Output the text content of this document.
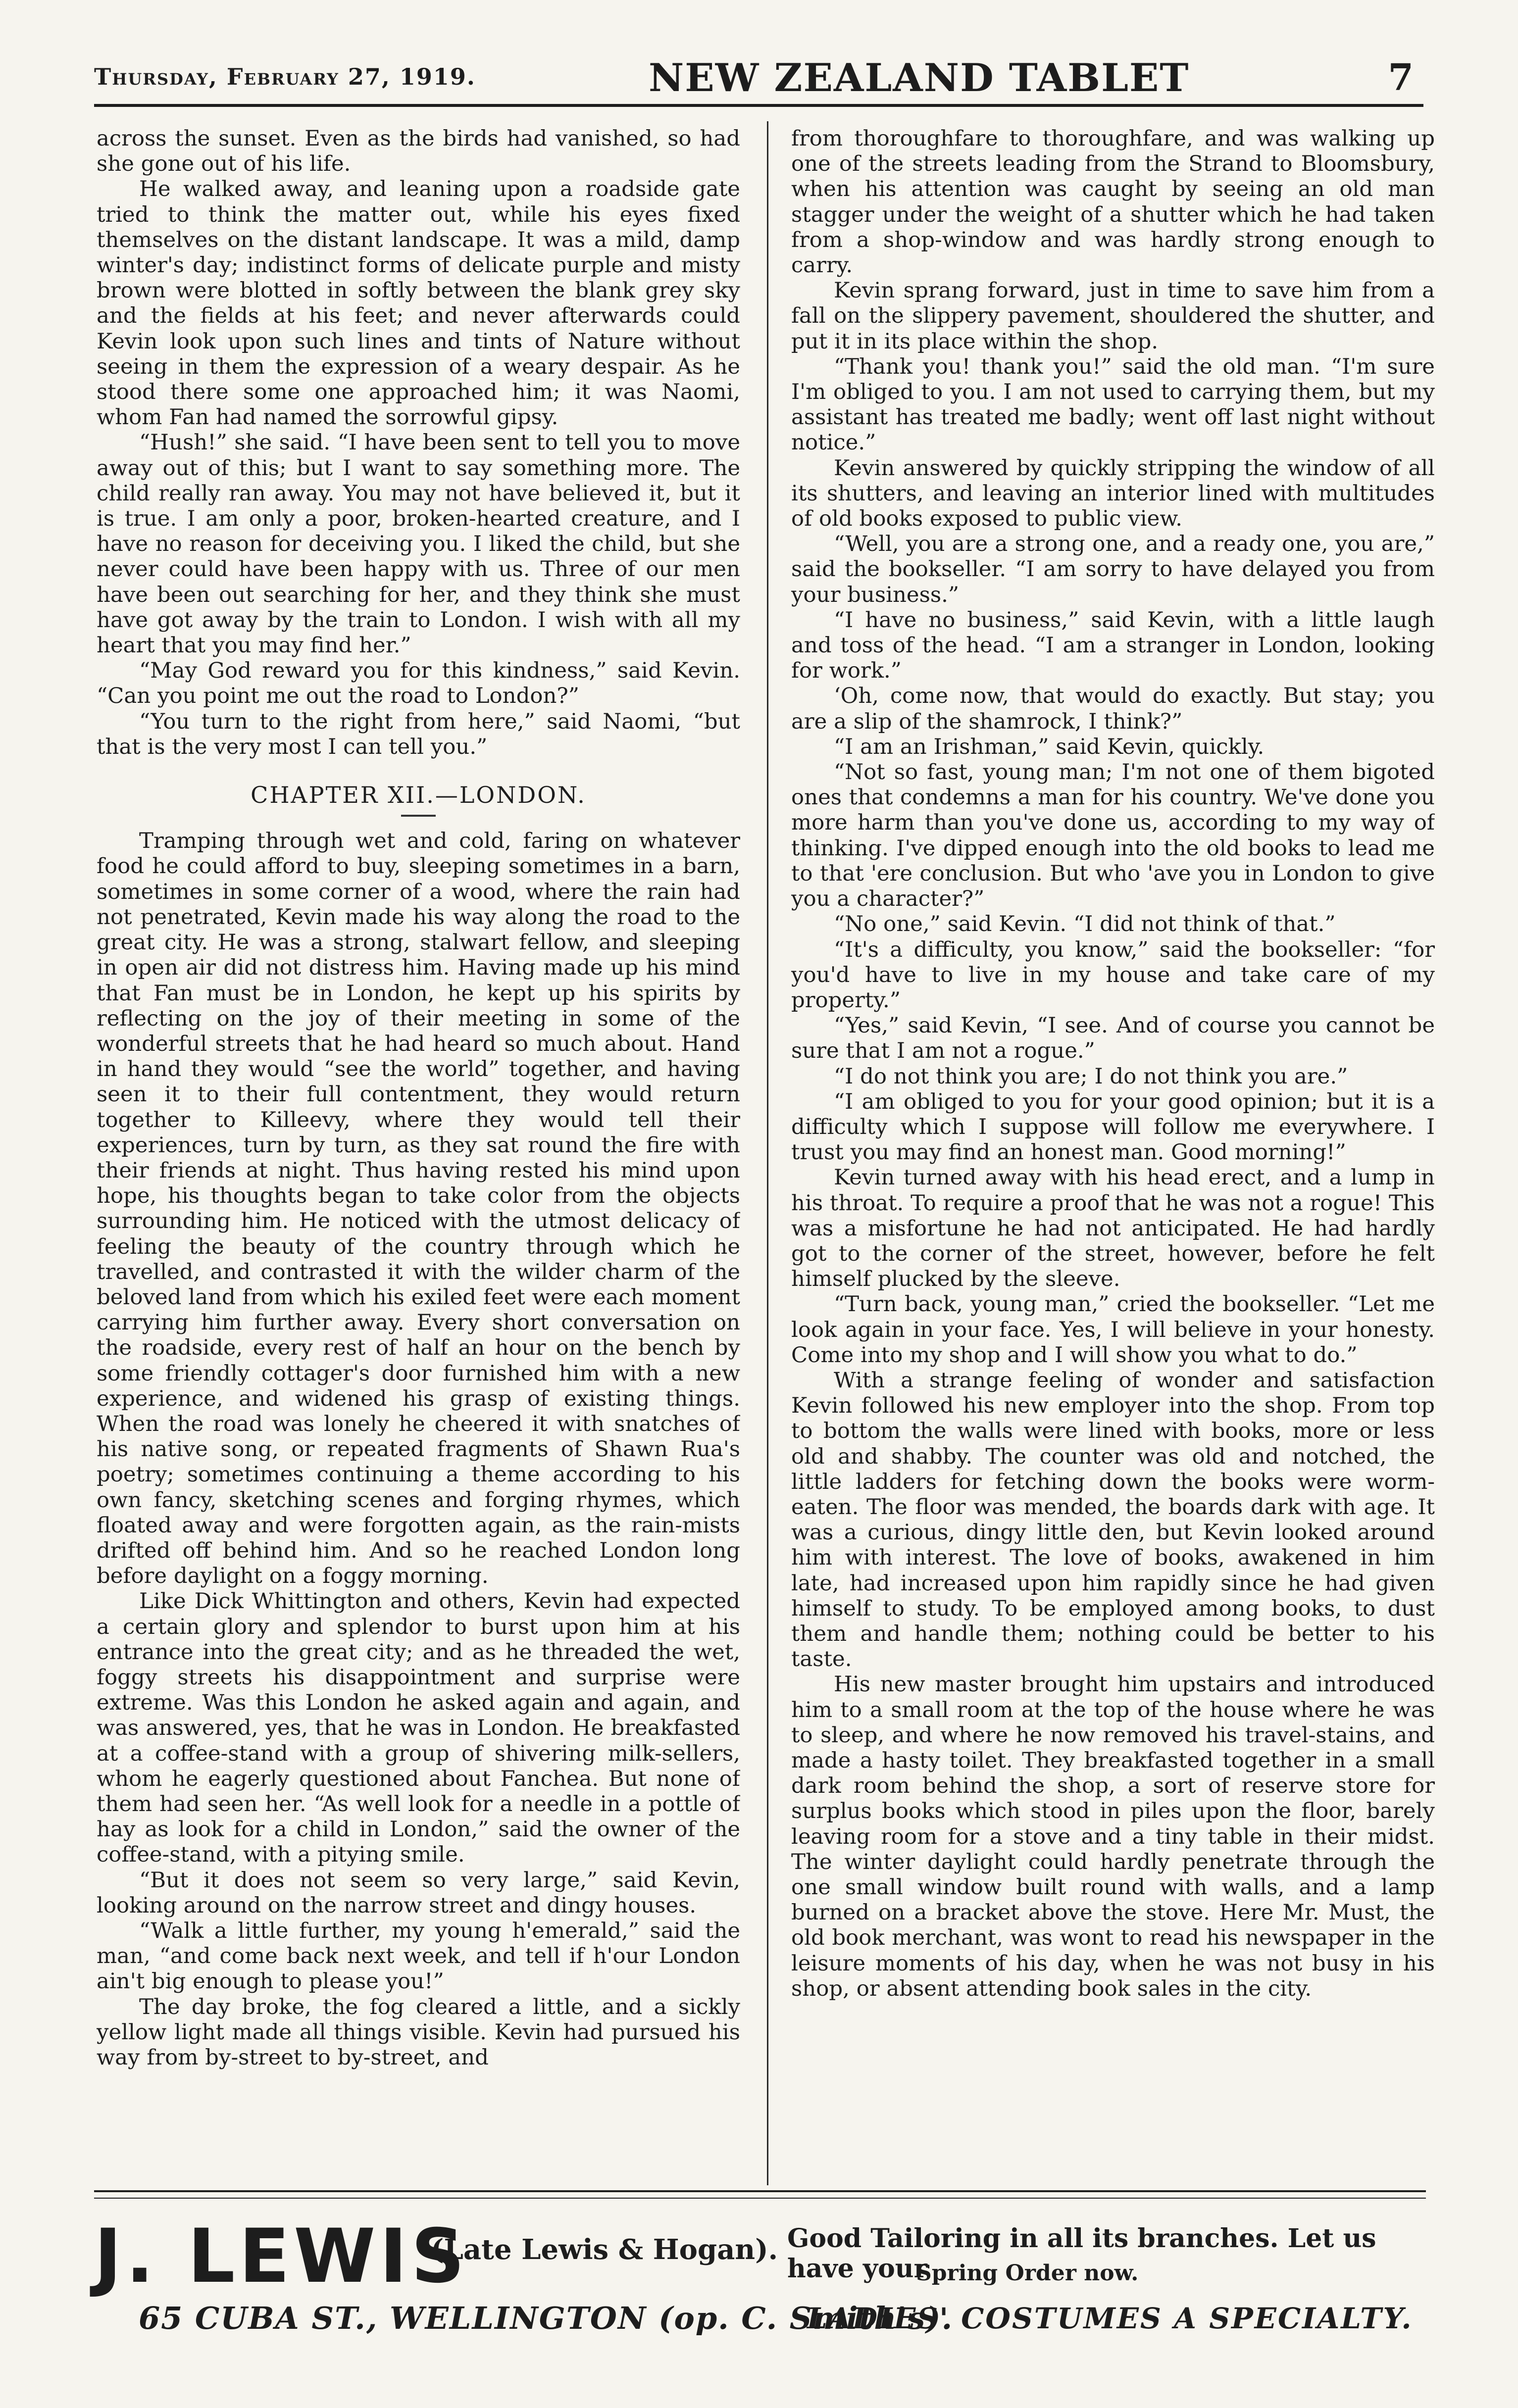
Thursday, February 27, 1919.	NEW ZEALAND TABLET	7

across the sunset. Even as the birds had vanished, so had she gone out of his life.

He walked away, and leaning upon a roadside gate tried to think the matter out, while his eyes fixed themselves on the distant landscape. It was a mild, damp winter's day; indistinct forms of delicate purple and misty brown were blotted in softly between the blank grey sky and the fields at his feet; and never afterwards could Kevin look upon such lines and tints of Nature without seeing in them the expression of a weary despair. As he stood there some one approached him; it was Naomi, whom Fan had named the sorrowful gipsy.

“Hush!” she said. “I have been sent to tell you to move away out of this; but I want to say something more. The child really ran away. You may not have believed it, but it is true. I am only a poor, broken-hearted creature, and I have no reason for deceiving you. I liked the child, but she never could have been happy with us. Three of our men have been out searching for her, and they think she must have got away by the train to London. I wish with all my heart that you may find her.”

“May God reward you for this kindness,” said Kevin. “Can you point me out the road to London?”

“You turn to the right from here,” said Naomi, “but that is the very most I can tell you.”

CHAPTER XII.—LONDON.

Tramping through wet and cold, faring on whatever food he could afford to buy, sleeping sometimes in a barn, sometimes in some corner of a wood, where the rain had not penetrated, Kevin made his way along the road to the great city. He was a strong, stalwart fellow, and sleeping in open air did not distress him. Having made up his mind that Fan must be in London, he kept up his spirits by reflecting on the joy of their meeting in some of the wonderful streets that he had heard so much about. Hand in hand they would “see the world” together, and having seen it to their full contentment, they would return together to Killeevy, where they would tell their experiences, turn by turn, as they sat round the fire with their friends at night. Thus having rested his mind upon hope, his thoughts began to take color from the objects surrounding him. He noticed with the utmost delicacy of feeling the beauty of the country through which he travelled, and contrasted it with the wilder charm of the beloved land from which his exiled feet were each moment carrying him further away. Every short conversation on the roadside, every rest of half an hour on the bench by some friendly cottager's door furnished him with a new experience, and widened his grasp of existing things. When the road was lonely he cheered it with snatches of his native song, or repeated fragments of Shawn Rua's poetry; sometimes continuing a theme according to his own fancy, sketching scenes and forging rhymes, which floated away and were forgotten again, as the rain-mists drifted off behind him. And so he reached London long before daylight on a foggy morning.

Like Dick Whittington and others, Kevin had expected a certain glory and splendor to burst upon him at his entrance into the great city; and as he threaded the wet, foggy streets his disappointment and surprise were extreme. Was this London he asked again and again, and was answered, yes, that he was in London. He breakfasted at a coffee-stand with a group of shivering milk-sellers, whom he eagerly questioned about Fanchea. But none of them had seen her. “As well look for a needle in a pottle of hay as look for a child in London,” said the owner of the coffee-stand, with a pitying smile.

“But it does not seem so very large,” said Kevin, looking around on the narrow street and dingy houses.

“Walk a little further, my young h'emerald,” said the man, “and come back next week, and tell if h'our London ain't big enough to please you!”

The day broke, the fog cleared a little, and a sickly yellow light made all things visible. Kevin had pursued his way from by-street to by-street, and

from thoroughfare to thoroughfare, and was walking up one of the streets leading from the Strand to Bloomsbury, when his attention was caught by seeing an old man stagger under the weight of a shutter which he had taken from a shop-window and was hardly strong enough to carry.

Kevin sprang forward, just in time to save him from a fall on the slippery pavement, shouldered the shutter, and put it in its place within the shop.

“Thank you! thank you!” said the old man. “I'm sure I'm obliged to you. I am not used to carrying them, but my assistant has treated me badly; went off last night without notice.”

Kevin answered by quickly stripping the window of all its shutters, and leaving an interior lined with multitudes of old books exposed to public view.

“Well, you are a strong one, and a ready one, you are,” said the bookseller. “I am sorry to have delayed you from your business.”

“I have no business,” said Kevin, with a little laugh and toss of the head. “I am a stranger in London, looking for work.”

‘Oh, come now, that would do exactly. But stay; you are a slip of the shamrock, I think?”

“I am an Irishman,” said Kevin, quickly.

“Not so fast, young man; I'm not one of them bigoted ones that condemns a man for his country. We've done you more harm than you've done us, according to my way of thinking. I've dipped enough into the old books to lead me to that 'ere conclusion. But who 'ave you in London to give you a character?”

“No one,” said Kevin. “I did not think of that.”

“It's a difficulty, you know,” said the bookseller: “for you'd have to live in my house and take care of my property.”

“Yes,” said Kevin, “I see. And of course you cannot be sure that I am not a rogue.”

“I do not think you are; I do not think you are.”

“I am obliged to you for your good opinion; but it is a difficulty which I suppose will follow me everywhere. I trust you may find an honest man. Good morning!”

Kevin turned away with his head erect, and a lump in his throat. To require a proof that he was not a rogue! This was a misfortune he had not anticipated. He had hardly got to the corner of the street, however, before he felt himself plucked by the sleeve.

“Turn back, young man,” cried the bookseller. “Let me look again in your face. Yes, I will believe in your honesty. Come into my shop and I will show you what to do.”

With a strange feeling of wonder and satisfaction Kevin followed his new employer into the shop. From top to bottom the walls were lined with books, more or less old and shabby. The counter was old and notched, the little ladders for fetching down the books were worm-eaten. The floor was mended, the boards dark with age. It was a curious, dingy little den, but Kevin looked around him with interest. The love of books, awakened in him late, had increased upon him rapidly since he had given himself to study. To be employed among books, to dust them and handle them; nothing could be better to his taste.

His new master brought him upstairs and introduced him to a small room at the top of the house where he was to sleep, and where he now removed his travel-stains, and made a hasty toilet. They breakfasted together in a small dark room behind the shop, a sort of reserve store for surplus books which stood in piles upon the floor, barely leaving room for a stove and a tiny table in their midst. The winter daylight could hardly penetrate through the one small window built round with walls, and a lamp burned on a bracket above the stove. Here Mr. Must, the old book merchant, was wont to read his newspaper in the leisure moments of his day, when he was not busy in his shop, or absent attending book sales in the city.

J. LEWIS
(Late Lewis & Hogan).
65 CUBA ST., WELLINGTON (op. C. Smith's).
Good Tailoring in all its branches. Let us have your
Spring Order now.
LADIES' COSTUMES A SPECIALTY.
